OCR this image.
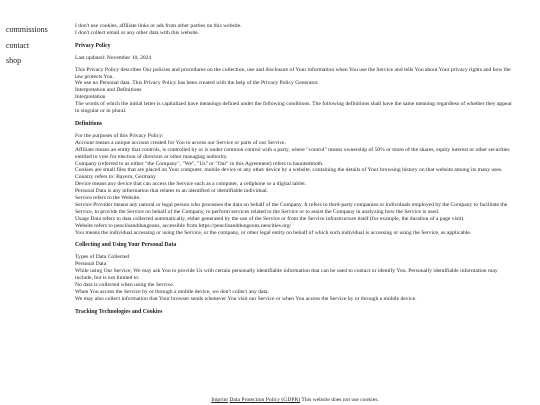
commissions
contact
shop

I don't use cookies, affiliate links or ads from other parties on this website.

I don't collect email or any other data with this website.

Privacy Policy

Last updated: November 10, 2024

This Privacy Policy describes Our policies and procedures on the collection, use and disclosure of Your information when You use the Service and tells You about Your privacy rights and how the law protects You.

We use no Personal data. This Privacy Policy has been created with the help of the Privacy Policy Generator.

Interpretation and Definitions

Interpretation

The words of which the initial letter is capitalized have meanings defined under the following conditions. The following definitions shall have the same meaning regardless of whether they appear in singular or in plural.

Definitions

For the purposes of this Privacy Policy:

Account means a unique account created for You to access our Service or parts of our Service.

Affiliate means an entity that controls, is controlled by or is under common control with a party, where "control" means ownership of 50% or more of the shares, equity interest or other securities entitled to vote for election of directors or other managing authority.

Company (referred to as either "the Company", "We", "Us" or "Our" in this Agreement) refers to hauntedmoth.

Cookies are small files that are placed on Your computer, mobile device or any other device by a website, containing the details of Your browsing history on that website among its many uses.

Country refers to: Bayern, Germany

Device means any device that can access the Service such as a computer, a cellphone or a digital tablet.

Personal Data is any information that relates to an identified or identifiable individual.

Service refers to the Website.

Service Provider means any natural or legal person who processes the data on behalf of the Company. It refers to third-party companies or individuals employed by the Company to facilitate the Service, to provide the Service on behalf of the Company, to perform services related to the Service or to assist the Company in analyzing how the Service is used.

Usage Data refers to data collected automatically, either generated by the use of the Service or from the Service infrastructure itself (for example, the duration of a page visit).

Website refers to pencilsanddungeons, accessible from https://pencilsanddungeons.neocities.org/

You means the individual accessing or using the Service, or the company, or other legal entity on behalf of which such individual is accessing or using the Service, as applicable.

Collecting and Using Your Personal Data

Types of Data Collected

Personal Data

While using Our Service, We may ask You to provide Us with certain personally identifiable information that can be used to contact or identify You. Personally identifiable information may include, but is not limited to:

No data is collected when using the Service.

When You access the Service by or through a mobile device, we don't collect any data.

We may also collect information that Your browser sends whenever You visit our Service or when You access the Service by or through a mobile device.

Tracking Technologies and Cookies
Imprint Data Protection Policy (GDPR) This website does not use cookies.
